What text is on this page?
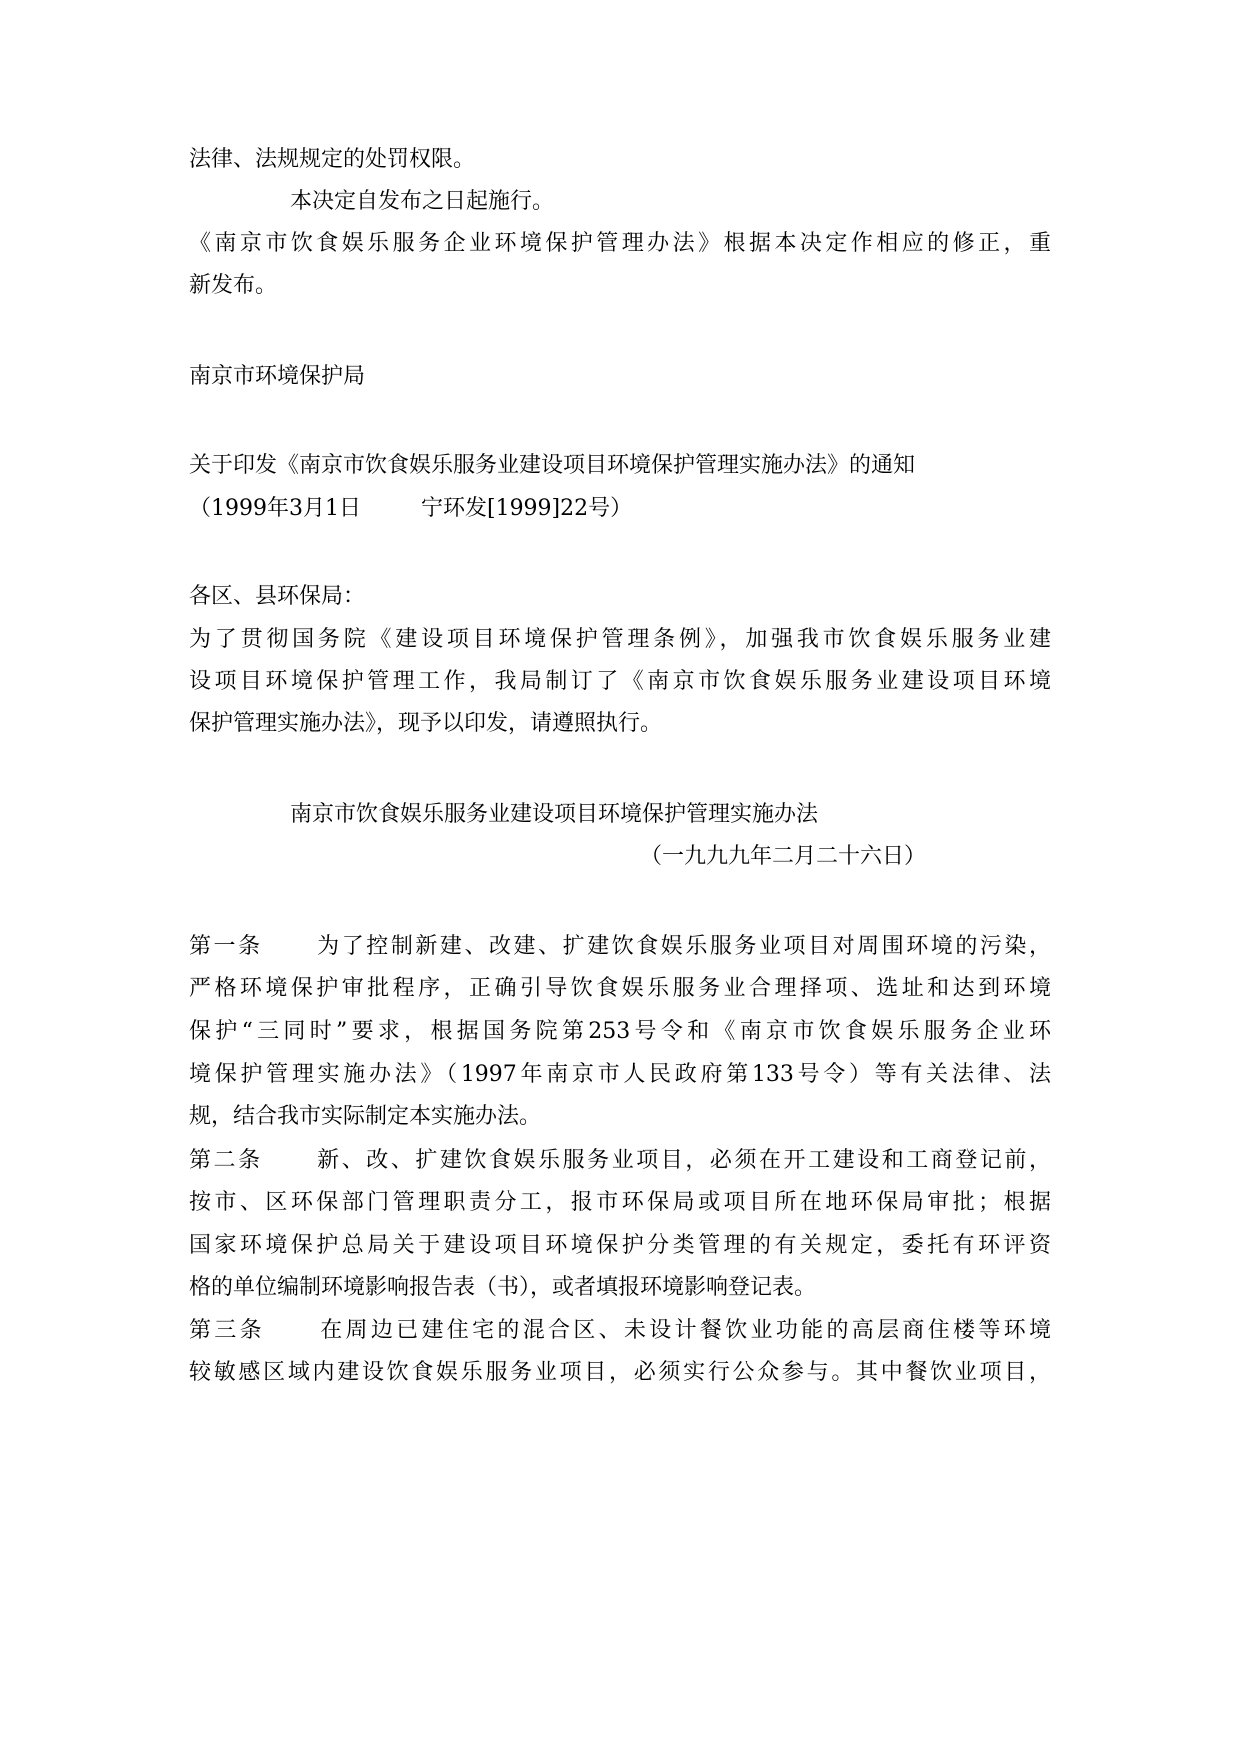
法律、法规规定的处罚权限。
本决定自发布之日起施行。
《南京市饮食娱乐服务企业环境保护管理办法》根据本决定作相应的修正，重
新发布。
南京市环境保护局
关于印发《南京市饮食娱乐服务业建设项目环境保护管理实施办法》的通知
（1999年3月1日	宁环发[1999]22号）
各区、县环保局：
为了贯彻国务院《建设项目环境保护管理条例》，加强我市饮食娱乐服务业建
设项目环境保护管理工作，我局制订了《南京市饮食娱乐服务业建设项目环境
保护管理实施办法》，现予以印发，请遵照执行。
南京市饮食娱乐服务业建设项目环境保护管理实施办法
（一九九九年二月二十六日）
第一条 为了控制新建、改建、扩建饮食娱乐服务业项目对周围环境的污染，
严格环境保护审批程序，正确引导饮食娱乐服务业合理择项、选址和达到环境
保护“三同时”要求，根据国务院第253号令和《南京市饮食娱乐服务企业环
境保护管理实施办法》（1997年南京市人民政府第133号令）等有关法律、法
规，结合我市实际制定本实施办法。
第二条 新、改、扩建饮食娱乐服务业项目，必须在开工建设和工商登记前，
按市、区环保部门管理职责分工，报市环保局或项目所在地环保局审批；根据
国家环境保护总局关于建设项目环境保护分类管理的有关规定，委托有环评资
格的单位编制环境影响报告表（书），或者填报环境影响登记表。
第三条 在周边已建住宅的混合区、未设计餐饮业功能的高层商住楼等环境
较敏感区域内建设饮食娱乐服务业项目，必须实行公众参与。其中餐饮业项目，
